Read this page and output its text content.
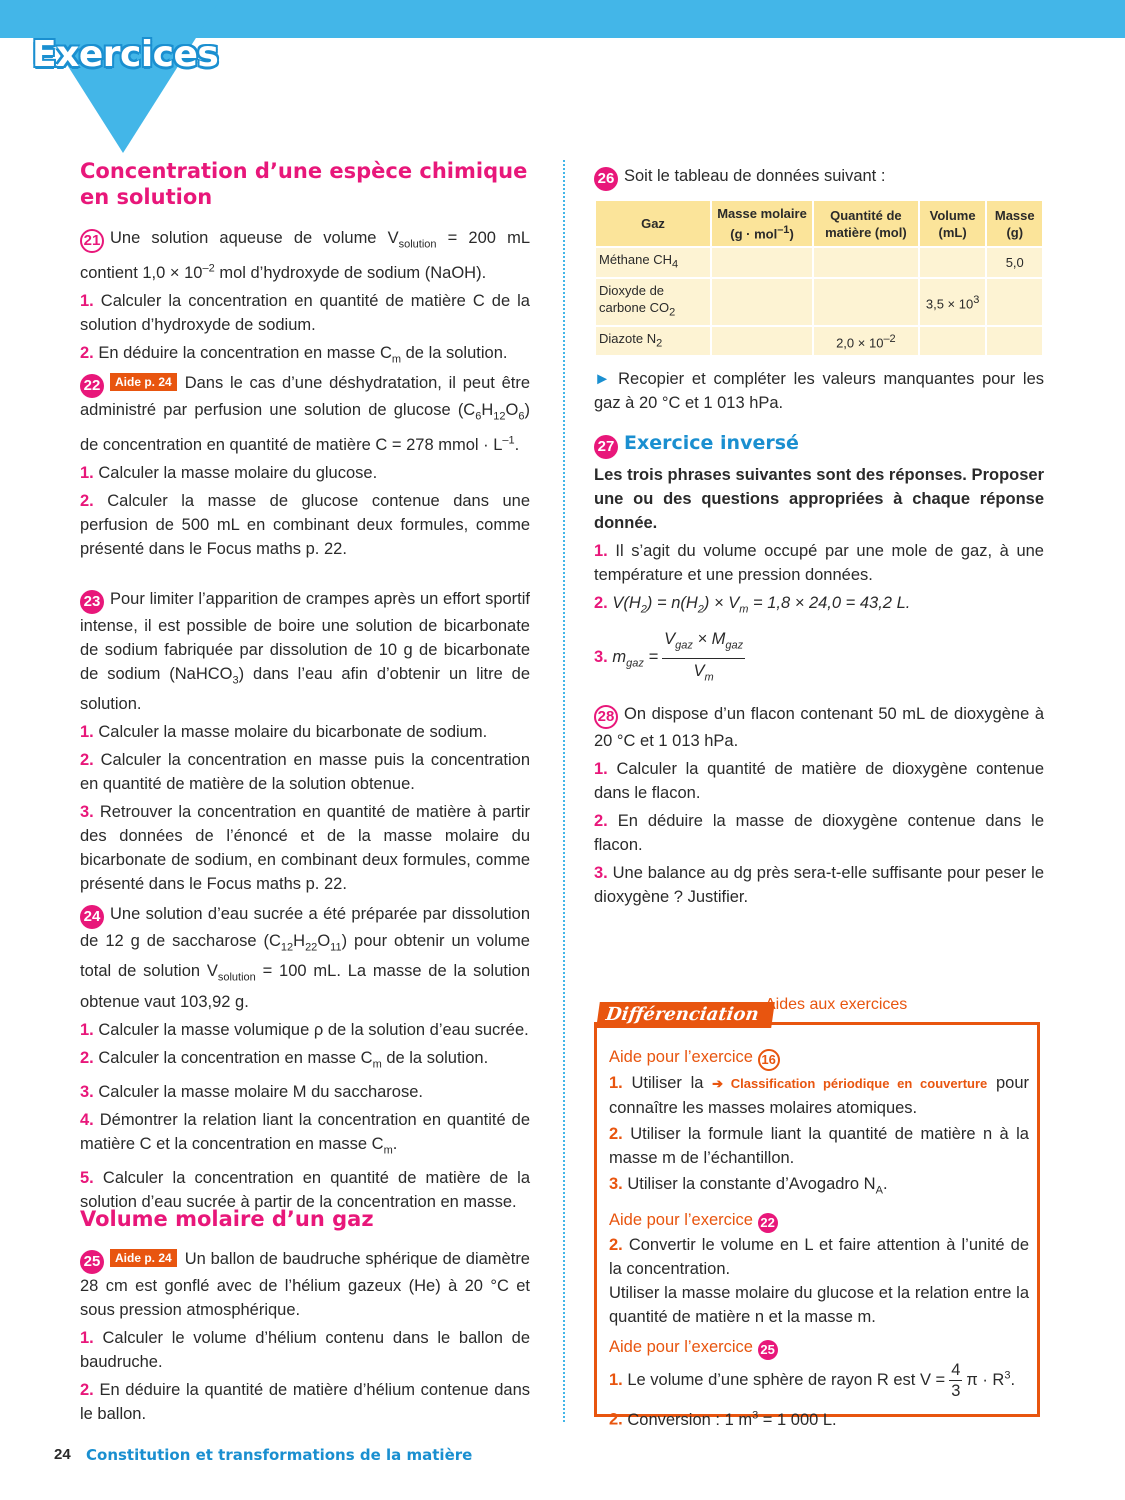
Exercices
Concentration d’une espèce chimique en solution

21 Une solution aqueuse de volume $V_{solution} = 200$ mL contient $1,0 \times 10^{-2}$ mol d’hydroxyde de sodium (NaOH).

1. Calculer la concentration en quantité de matière C de la solution d’hydroxyde de sodium.

2. En déduire la concentration en masse $C_m$ de la solution.

22 Aide p. 24 Dans le cas d’une déshydratation, il peut être administré par perfusion une solution de glucose $(C_6H_{12}O_6)$ de concentration en quantité de matière C = 278 mmol · $L^{-1}$.

1. Calculer la masse molaire du glucose.

2. Calculer la masse de glucose contenue dans une perfusion de 500 mL en combinant deux formules, comme présenté dans le Focus maths p. 22.

23 Pour limiter l’apparition de crampes après un effort sportif intense, il est possible de boire une solution de bicarbonate de sodium fabriquée par dissolution de 10 g de bicarbonate de sodium (NaHCO$_3$) dans l’eau afin d’obtenir un litre de solution.

1. Calculer la masse molaire du bicarbonate de sodium.

2. Calculer la concentration en masse puis la concentration en quantité de matière de la solution obtenue.

3. Retrouver la concentration en quantité de matière à partir des données de l’énoncé et de la masse molaire du bicarbonate de sodium, en combinant deux formules, comme présenté dans le Focus maths p. 22.

24 Une solution d’eau sucrée a été préparée par dissolution de 12 g de saccharose $(C_{12}H_{22}O_{11})$ pour obtenir un volume total de solution $V_{solution} = 100$ mL. La masse de la solution obtenue vaut 103,92 g.

1. Calculer la masse volumique ρ de la solution d’eau sucrée.

2. Calculer la concentration en masse $C_m$ de la solution.

3. Calculer la masse molaire M du saccharose.

4. Démontrer la relation liant la concentration en quantité de matière C et la concentration en masse $C_m$.

5. Calculer la concentration en quantité de matière de la solution d’eau sucrée à partir de la concentration en masse.

Volume molaire d’un gaz

25 Aide p. 24 Un ballon de baudruche sphérique de diamètre 28 cm est gonflé avec de l’hélium gazeux (He) à 20 °C et sous pression atmosphérique.

1. Calculer le volume d’hélium contenu dans le ballon de baudruche.

2. En déduire la quantité de matière d’hélium contenue dans le ballon.

26 Soit le tableau de données suivant :

Gaz	Masse molaire (g · mol$^{-1}$)	Quantité de matière (mol)	Volume (mL)	Masse (g)
Méthane $CH_4$				5,0
Dioxyde de carbone $CO_2$			$3,5 \times 10^3$	
Diazote $N_2$		$2,0 \times 10^{-2}$		

► Recopier et compléter les valeurs manquantes pour les gaz à 20 °C et 1 013 hPa.

27 Exercice inversé

Les trois phrases suivantes sont des réponses. Proposer une ou des questions appropriées à chaque réponse donnée.

1. Il s’agit du volume occupé par une mole de gaz, à une température et une pression données.

2. $V(H_2) = n(H_2) \times V_m = 1,8 \times 24,0 = 43,2$ L.

3. $m_{gaz} = \frac{V_{gaz} \times M_{gaz}}{V_m}$

28 On dispose d’un flacon contenant 50 mL de dioxygène à 20 °C et 1 013 hPa.

1. Calculer la quantité de matière de dioxygène contenue dans le flacon.

2. En déduire la masse de dioxygène contenue dans le flacon.

3. Une balance au dg près sera-t-elle suffisante pour peser le dioxygène ? Justifier.

Aide pour l’exercice 16

1. Utiliser la ➔ Classification périodique en couverture pour connaître les masses molaires atomiques.

2. Utiliser la formule liant la quantité de matière n à la masse m de l’échantillon.

3. Utiliser la constante d’Avogadro $N_A$.

Aide pour l’exercice 22

2. Convertir le volume en L et faire attention à l’unité de la concentration.

Utiliser la masse molaire du glucose et la relation entre la quantité de matière n et la masse m.

Aide pour l’exercice 25

1. Le volume d’une sphère de rayon R est $V = \frac{4}{3}$ $\pi \cdot R^3$.

2. Conversion : 1 $m^3 = 1$ 000 L.

Différenciation Aides aux exercices
24 Constitution et transformations de la matière
